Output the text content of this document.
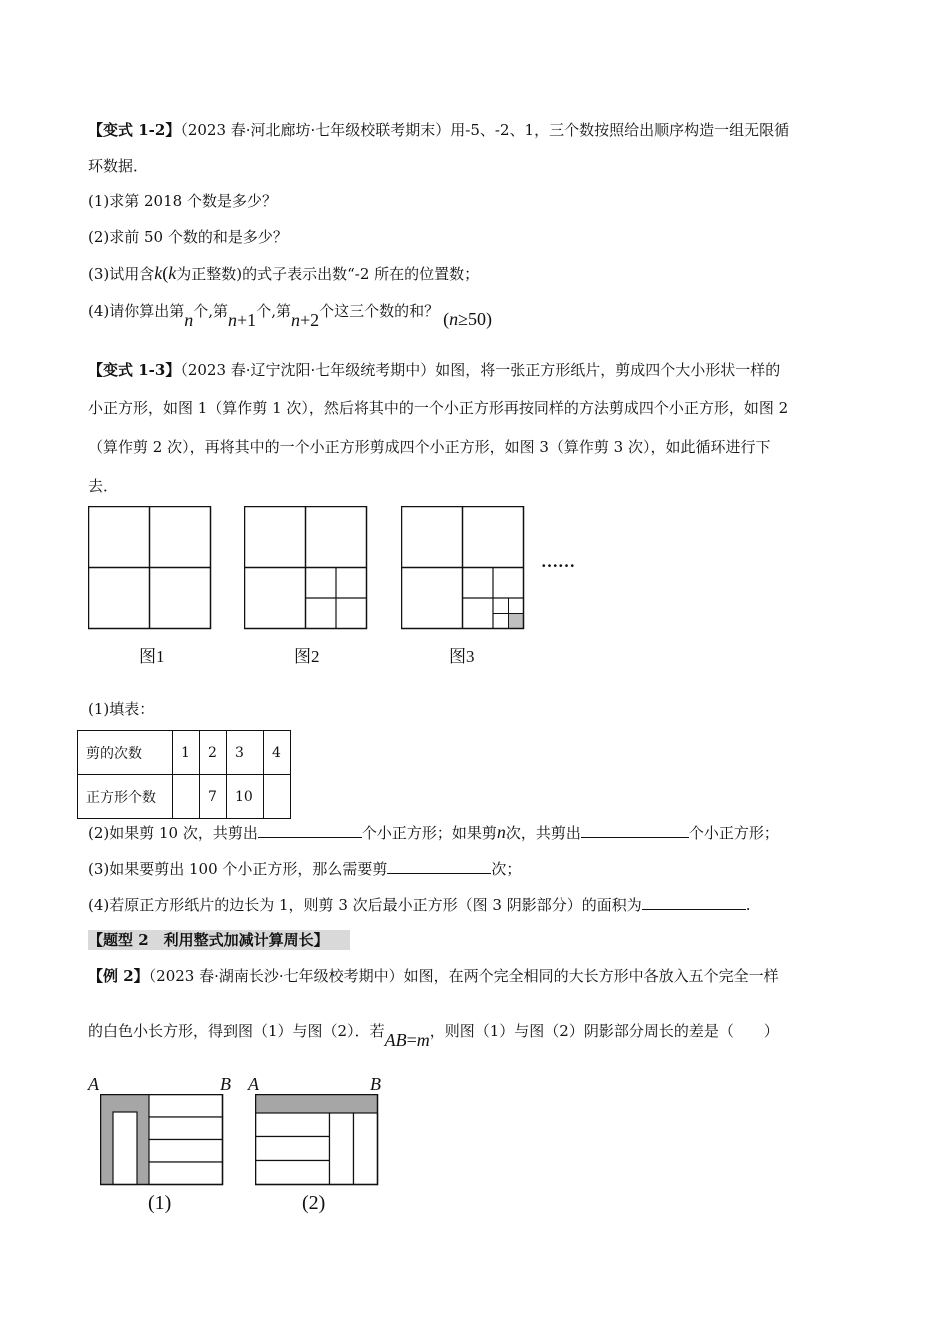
【变式 1-2】（2023 春·河北廊坊·七年级校联考期末）用-5、-2、1，三个数按照给出顺序构造一组无限循
环数据．
(1)求第 2018 个数是多少？
(2)求前 50 个数的和是多少？
(3)试用含k(k为正整数)的式子表示出数“-2 所在的位置数；
(4)请你算出第n个,第n+1个,第n+2个这三个数的和？ (n≥50)
【变式 1-3】（2023 春·辽宁沈阳·七年级统考期中）如图，将一张正方形纸片，剪成四个大小形状一样的
小正方形，如图 1（算作剪 1 次），然后将其中的一个小正方形再按同样的方法剪成四个小正方形，如图 2
（算作剪 2 次），再将其中的一个小正方形剪成四个小正方形，如图 3（算作剪 3 次），如此循环进行下
去．
……
图1	图2	图3
(1)填表：
剪的次数	1	2	3	4
正方形个数		7	10	
(2)如果剪 10 次，共剪出	个小正方形；如果剪n次，共剪出	个小正方形；
(3)如果要剪出 100 个小正方形，那么需要剪	次；
(4)若原正方形纸片的边长为 1，则剪 3 次后最小正方形（图 3 阴影部分）的面积为	.
【题型 2　利用整式加减计算周长】
【例 2】（2023 春·湖南长沙·七年级校考期中）如图，在两个完全相同的大长方形中各放入五个完全一样
的白色小长方形，得到图（1）与图（2）．若AB=m，则图（1）与图（2）阴影部分周长的差是（　　）
A	B
(1)
A	B
(2)
